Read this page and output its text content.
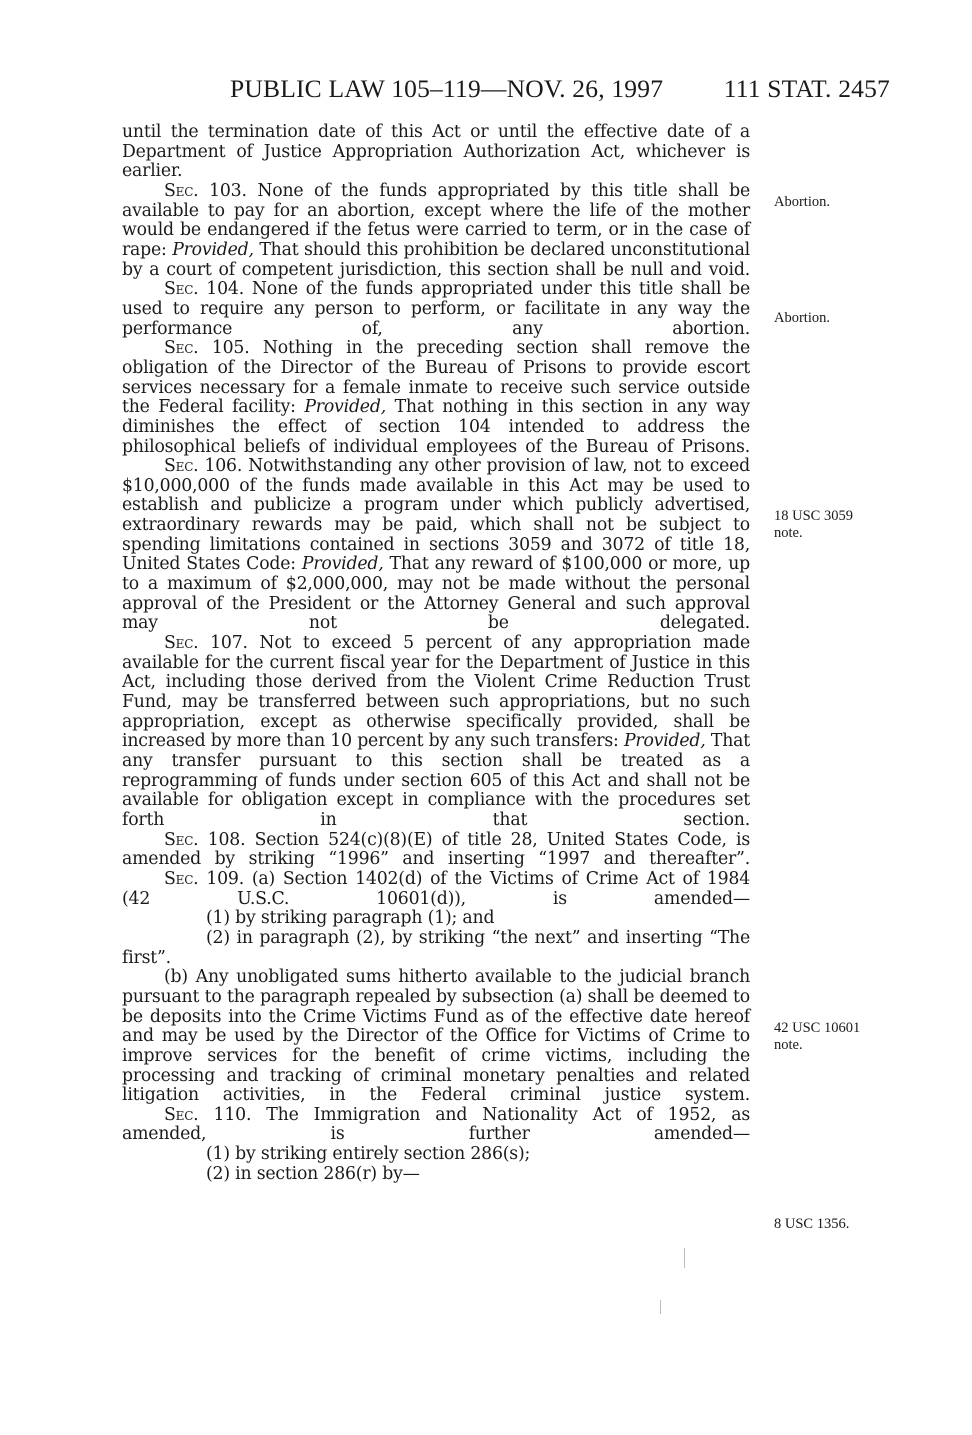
PUBLIC LAW 105–119—NOV. 26, 1997 111 STAT. 2457

until the termination date of this Act or until the effective date of a Department of Justice Appropriation Authorization Act, whichever is earlier.

Sec. 103. None of the funds appropriated by this title shall be available to pay for an abortion, except where the life of the mother would be endangered if the fetus were carried to term, or in the case of rape: Provided, That should this prohibition be declared unconstitutional by a court of competent jurisdiction, this section shall be null and void.

Sec. 104. None of the funds appropriated under this title shall be used to require any person to perform, or facilitate in any way the performance of, any abortion.

Sec. 105. Nothing in the preceding section shall remove the obligation of the Director of the Bureau of Prisons to provide escort services necessary for a female inmate to receive such service outside the Federal facility: Provided, That nothing in this section in any way diminishes the effect of section 104 intended to address the philosophical beliefs of individual employees of the Bureau of Prisons.

Sec. 106. Notwithstanding any other provision of law, not to exceed $10,000,000 of the funds made available in this Act may be used to establish and publicize a program under which publicly advertised, extraordinary rewards may be paid, which shall not be subject to spending limitations contained in sections 3059 and 3072 of title 18, United States Code: Provided, That any reward of $100,000 or more, up to a maximum of $2,000,000, may not be made without the personal approval of the President or the Attorney General and such approval may not be delegated.

Sec. 107. Not to exceed 5 percent of any appropriation made available for the current fiscal year for the Department of Justice in this Act, including those derived from the Violent Crime Reduction Trust Fund, may be transferred between such appropriations, but no such appropriation, except as otherwise specifically provided, shall be increased by more than 10 percent by any such transfers: Provided, That any transfer pursuant to this section shall be treated as a reprogramming of funds under section 605 of this Act and shall not be available for obligation except in compliance with the procedures set forth in that section.

Sec. 108. Section 524(c)(8)(E) of title 28, United States Code, is amended by striking “1996” and inserting “1997 and thereafter”.

Sec. 109. (a) Section 1402(d) of the Victims of Crime Act of 1984 (42 U.S.C. 10601(d)), is amended—

(1) by striking paragraph (1); and

(2) in paragraph (2), by striking “the next” and inserting “The first”.

(b) Any unobligated sums hitherto available to the judicial branch pursuant to the paragraph repealed by subsection (a) shall be deemed to be deposits into the Crime Victims Fund as of the effective date hereof and may be used by the Director of the Office for Victims of Crime to improve services for the benefit of crime victims, including the processing and tracking of criminal monetary penalties and related litigation activities, in the Federal criminal justice system.

Sec. 110. The Immigration and Nationality Act of 1952, as amended, is further amended—

(1) by striking entirely section 286(s);

(2) in section 286(r) by—

Abortion.
Abortion.
18 USC 3059
note.
42 USC 10601
note.
8 USC 1356.
